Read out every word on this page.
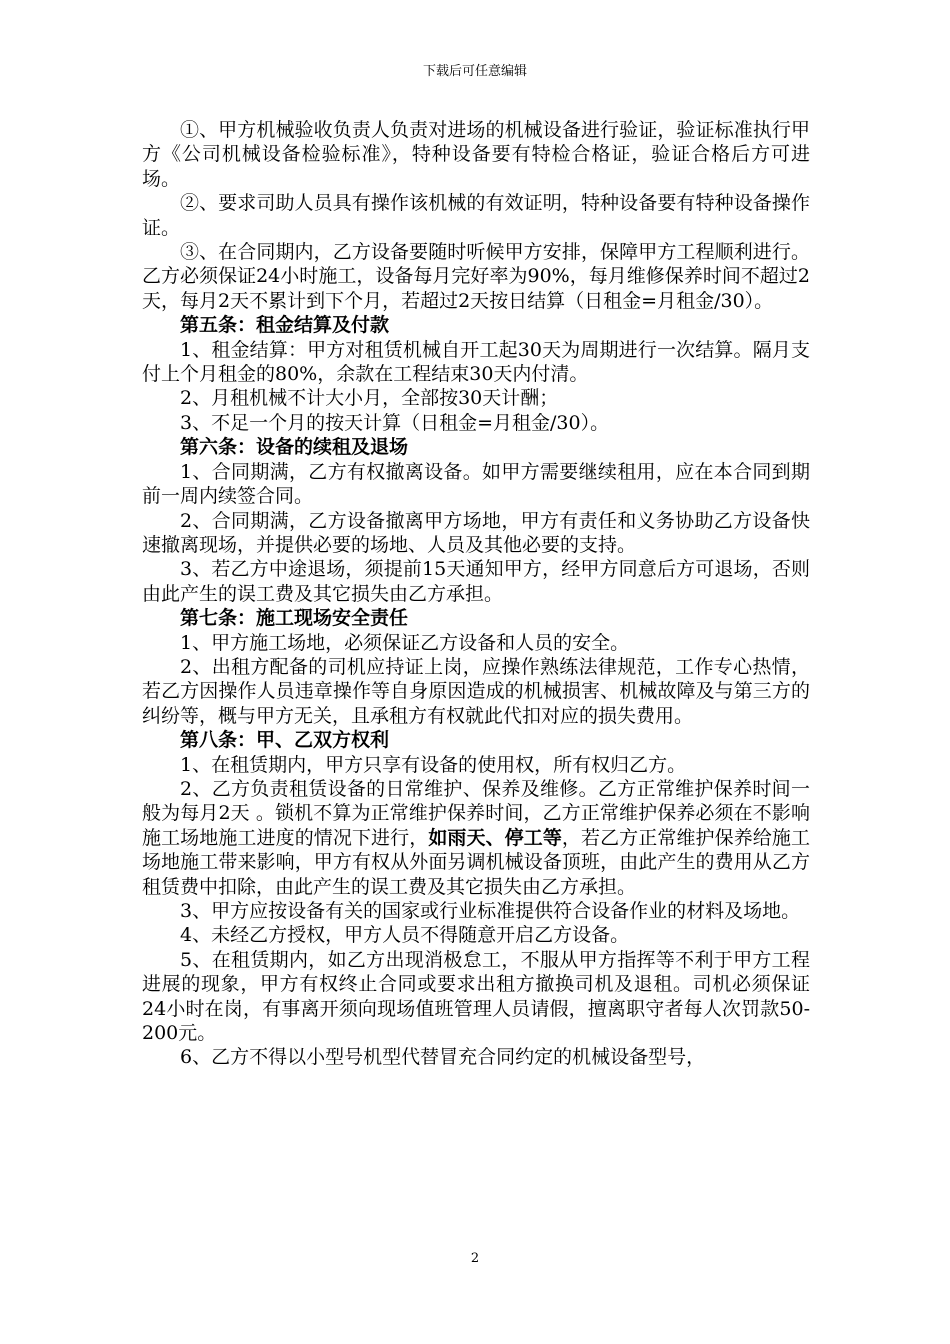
下载后可任意编辑

①、甲方机械验收负责人负责对进场的机械设备进行验证，验证标准执行甲方《公司机械设备检验标准》，特种设备要有特检合格证，验证合格后方可进场。

②、要求司助人员具有操作该机械的有效证明，特种设备要有特种设备操作证。

③、在合同期内，乙方设备要随时听候甲方安排，保障甲方工程顺利进行。乙方必须保证24小时施工，设备每月完好率为90%，每月维修保养时间不超过2天，每月2天不累计到下个月，若超过2天按日结算（日租金=月租金/30）。

第五条：租金结算及付款

1、租金结算：甲方对租赁机械自开工起30天为周期进行一次结算。隔月支付上个月租金的80%，余款在工程结束30天内付清。

2、月租机械不计大小月，全部按30天计酬；

3、不足一个月的按天计算（日租金=月租金/30）。

第六条：设备的续租及退场

1、合同期满，乙方有权撤离设备。如甲方需要继续租用，应在本合同到期前一周内续签合同。

2、合同期满，乙方设备撤离甲方场地，甲方有责任和义务协助乙方设备快速撤离现场，并提供必要的场地、人员及其他必要的支持。

3、若乙方中途退场，须提前15天通知甲方，经甲方同意后方可退场，否则由此产生的误工费及其它损失由乙方承担。

第七条：施工现场安全责任

1、甲方施工场地，必须保证乙方设备和人员的安全。

2、出租方配备的司机应持证上岗，应操作熟练法律规范，工作专心热情，若乙方因操作人员违章操作等自身原因造成的机械损害、机械故障及与第三方的纠纷等，概与甲方无关，且承租方有权就此代扣对应的损失费用。

第八条：甲、乙双方权利

1、在租赁期内，甲方只享有设备的使用权，所有权归乙方。

2、乙方负责租赁设备的日常维护、保养及维修。乙方正常维护保养时间一般为每月2天 。锁机不算为正常维护保养时间，乙方正常维护保养必须在不影响施工场地施工进度的情况下进行，如雨天、停工等，若乙方正常维护保养给施工场地施工带来影响，甲方有权从外面另调机械设备顶班，由此产生的费用从乙方租赁费中扣除，由此产生的误工费及其它损失由乙方承担。

3、甲方应按设备有关的国家或行业标准提供符合设备作业的材料及场地。

4、未经乙方授权，甲方人员不得随意开启乙方设备。

5、在租赁期内，如乙方出现消极怠工，不服从甲方指挥等不利于甲方工程进展的现象，甲方有权终止合同或要求出租方撤换司机及退租。司机必须保证24小时在岗，有事离开须向现场值班管理人员请假，擅离职守者每人次罚款50-200元。

6、乙方不得以小型号机型代替冒充合同约定的机械设备型号，

2
